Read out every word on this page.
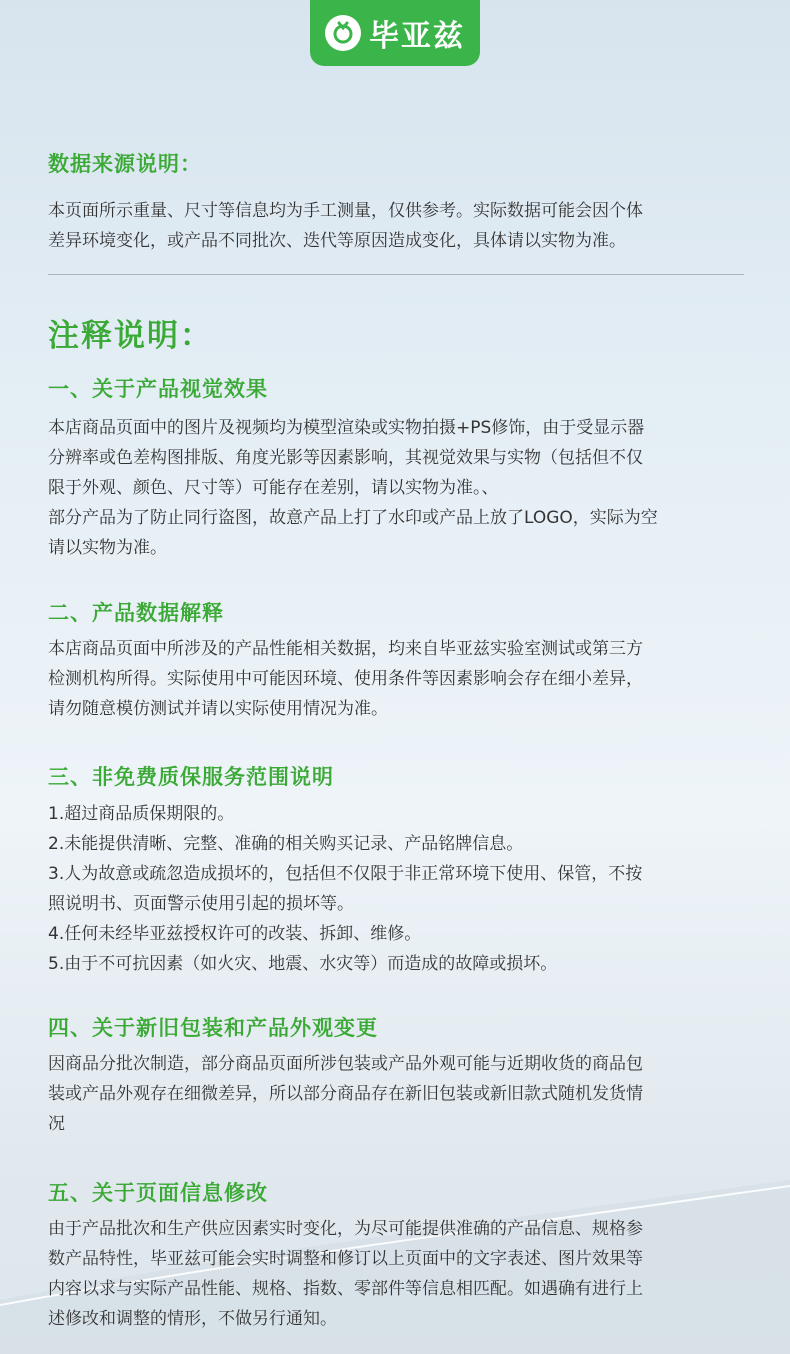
毕亚兹
数据来源说明：

本页面所示重量、尺寸等信息均为手工测量，仅供参考。实际数据可能会因个体
差异环境变化，或产品不同批次、迭代等原因造成变化，具体请以实物为准。

注释说明：
一、关于产品视觉效果

本店商品页面中的图片及视频均为模型渲染或实物拍摄+PS修饰，由于受显示器
分辨率或色差构图排版、角度光影等因素影响，其视觉效果与实物（包括但不仅
限于外观、颜色、尺寸等）可能存在差别，请以实物为准。、
部分产品为了防止同行盗图，故意产品上打了水印或产品上放了LOGO，实际为空
请以实物为准。

二、产品数据解释

本店商品页面中所涉及的产品性能相关数据，均来自毕亚兹实验室测试或第三方
检测机构所得。实际使用中可能因环境、使用条件等因素影响会存在细小差异，
请勿随意模仿测试并请以实际使用情况为准。

三、非免费质保服务范围说明

1.超过商品质保期限的。
2.未能提供清晰、完整、准确的相关购买记录、产品铭牌信息。
3.人为故意或疏忽造成损坏的，包括但不仅限于非正常环境下使用、保管，不按
照说明书、页面警示使用引起的损坏等。
4.任何未经毕亚兹授权许可的改装、拆卸、维修。
5.由于不可抗因素（如火灾、地震、水灾等）而造成的故障或损坏。

四、关于新旧包装和产品外观变更

因商品分批次制造，部分商品页面所涉包装或产品外观可能与近期收货的商品包
装或产品外观存在细微差异，所以部分商品存在新旧包装或新旧款式随机发货情
况

五、关于页面信息修改

由于产品批次和生产供应因素实时变化，为尽可能提供准确的产品信息、规格参
数产品特性，毕亚兹可能会实时调整和修订以上页面中的文字表述、图片效果等
内容以求与实际产品性能、规格、指数、零部件等信息相匹配。如遇确有进行上
述修改和调整的情形，不做另行通知。
